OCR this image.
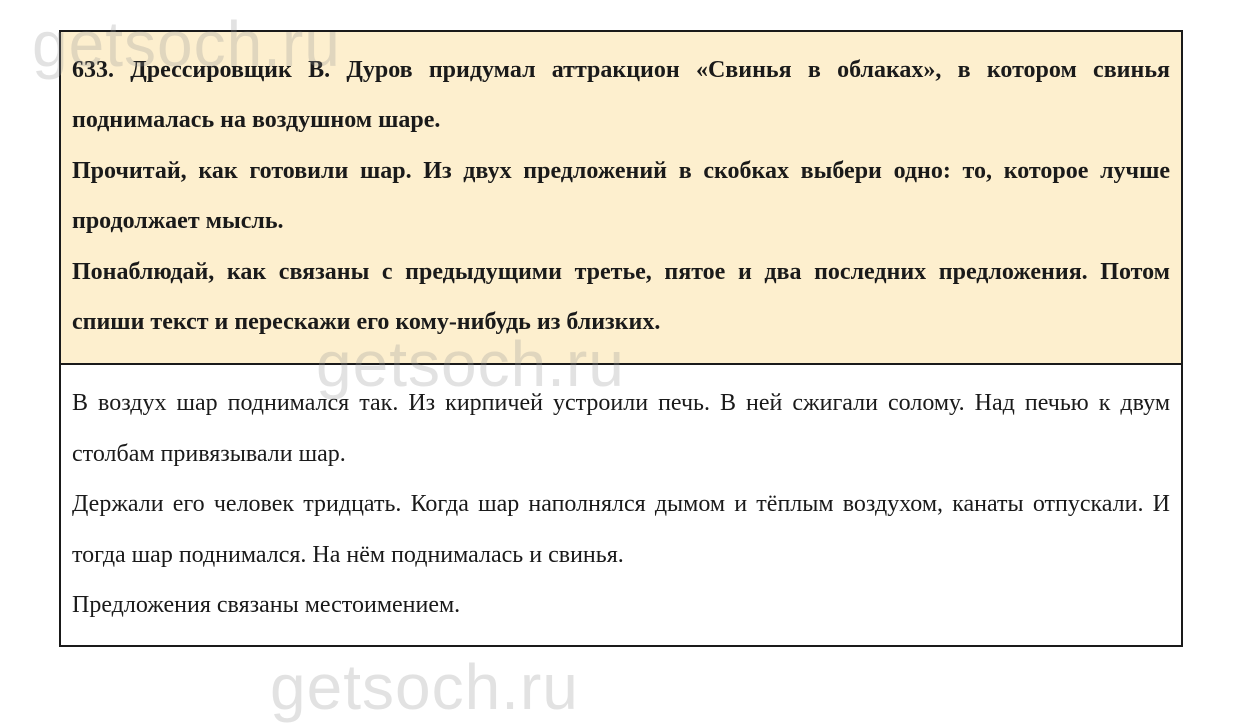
getsoch.ru
getsoch.ru
getsoch.ru

633. Дрессировщик В. Дуров придумал аттракцион «Свинья в облаках», в котором свинья поднималась на воздушном шаре.

Прочитай, как готовили шар. Из двух предложений в скобках выбери одно: то, которое лучше продолжает мысль.

Понаблюдай, как связаны с предыдущими третье, пятое и два последних предложения. Потом спиши текст и перескажи его кому-нибудь из близких.

В воздух шар поднимался так. Из кирпичей устроили печь. В ней сжигали солому. Над печью к двум столбам привязывали шар.

Держали его человек тридцать. Когда шар наполнялся дымом и тёплым воздухом, канаты отпускали. И тогда шар поднимался. На нём поднималась и свинья.

Предложения связаны местоимением.
